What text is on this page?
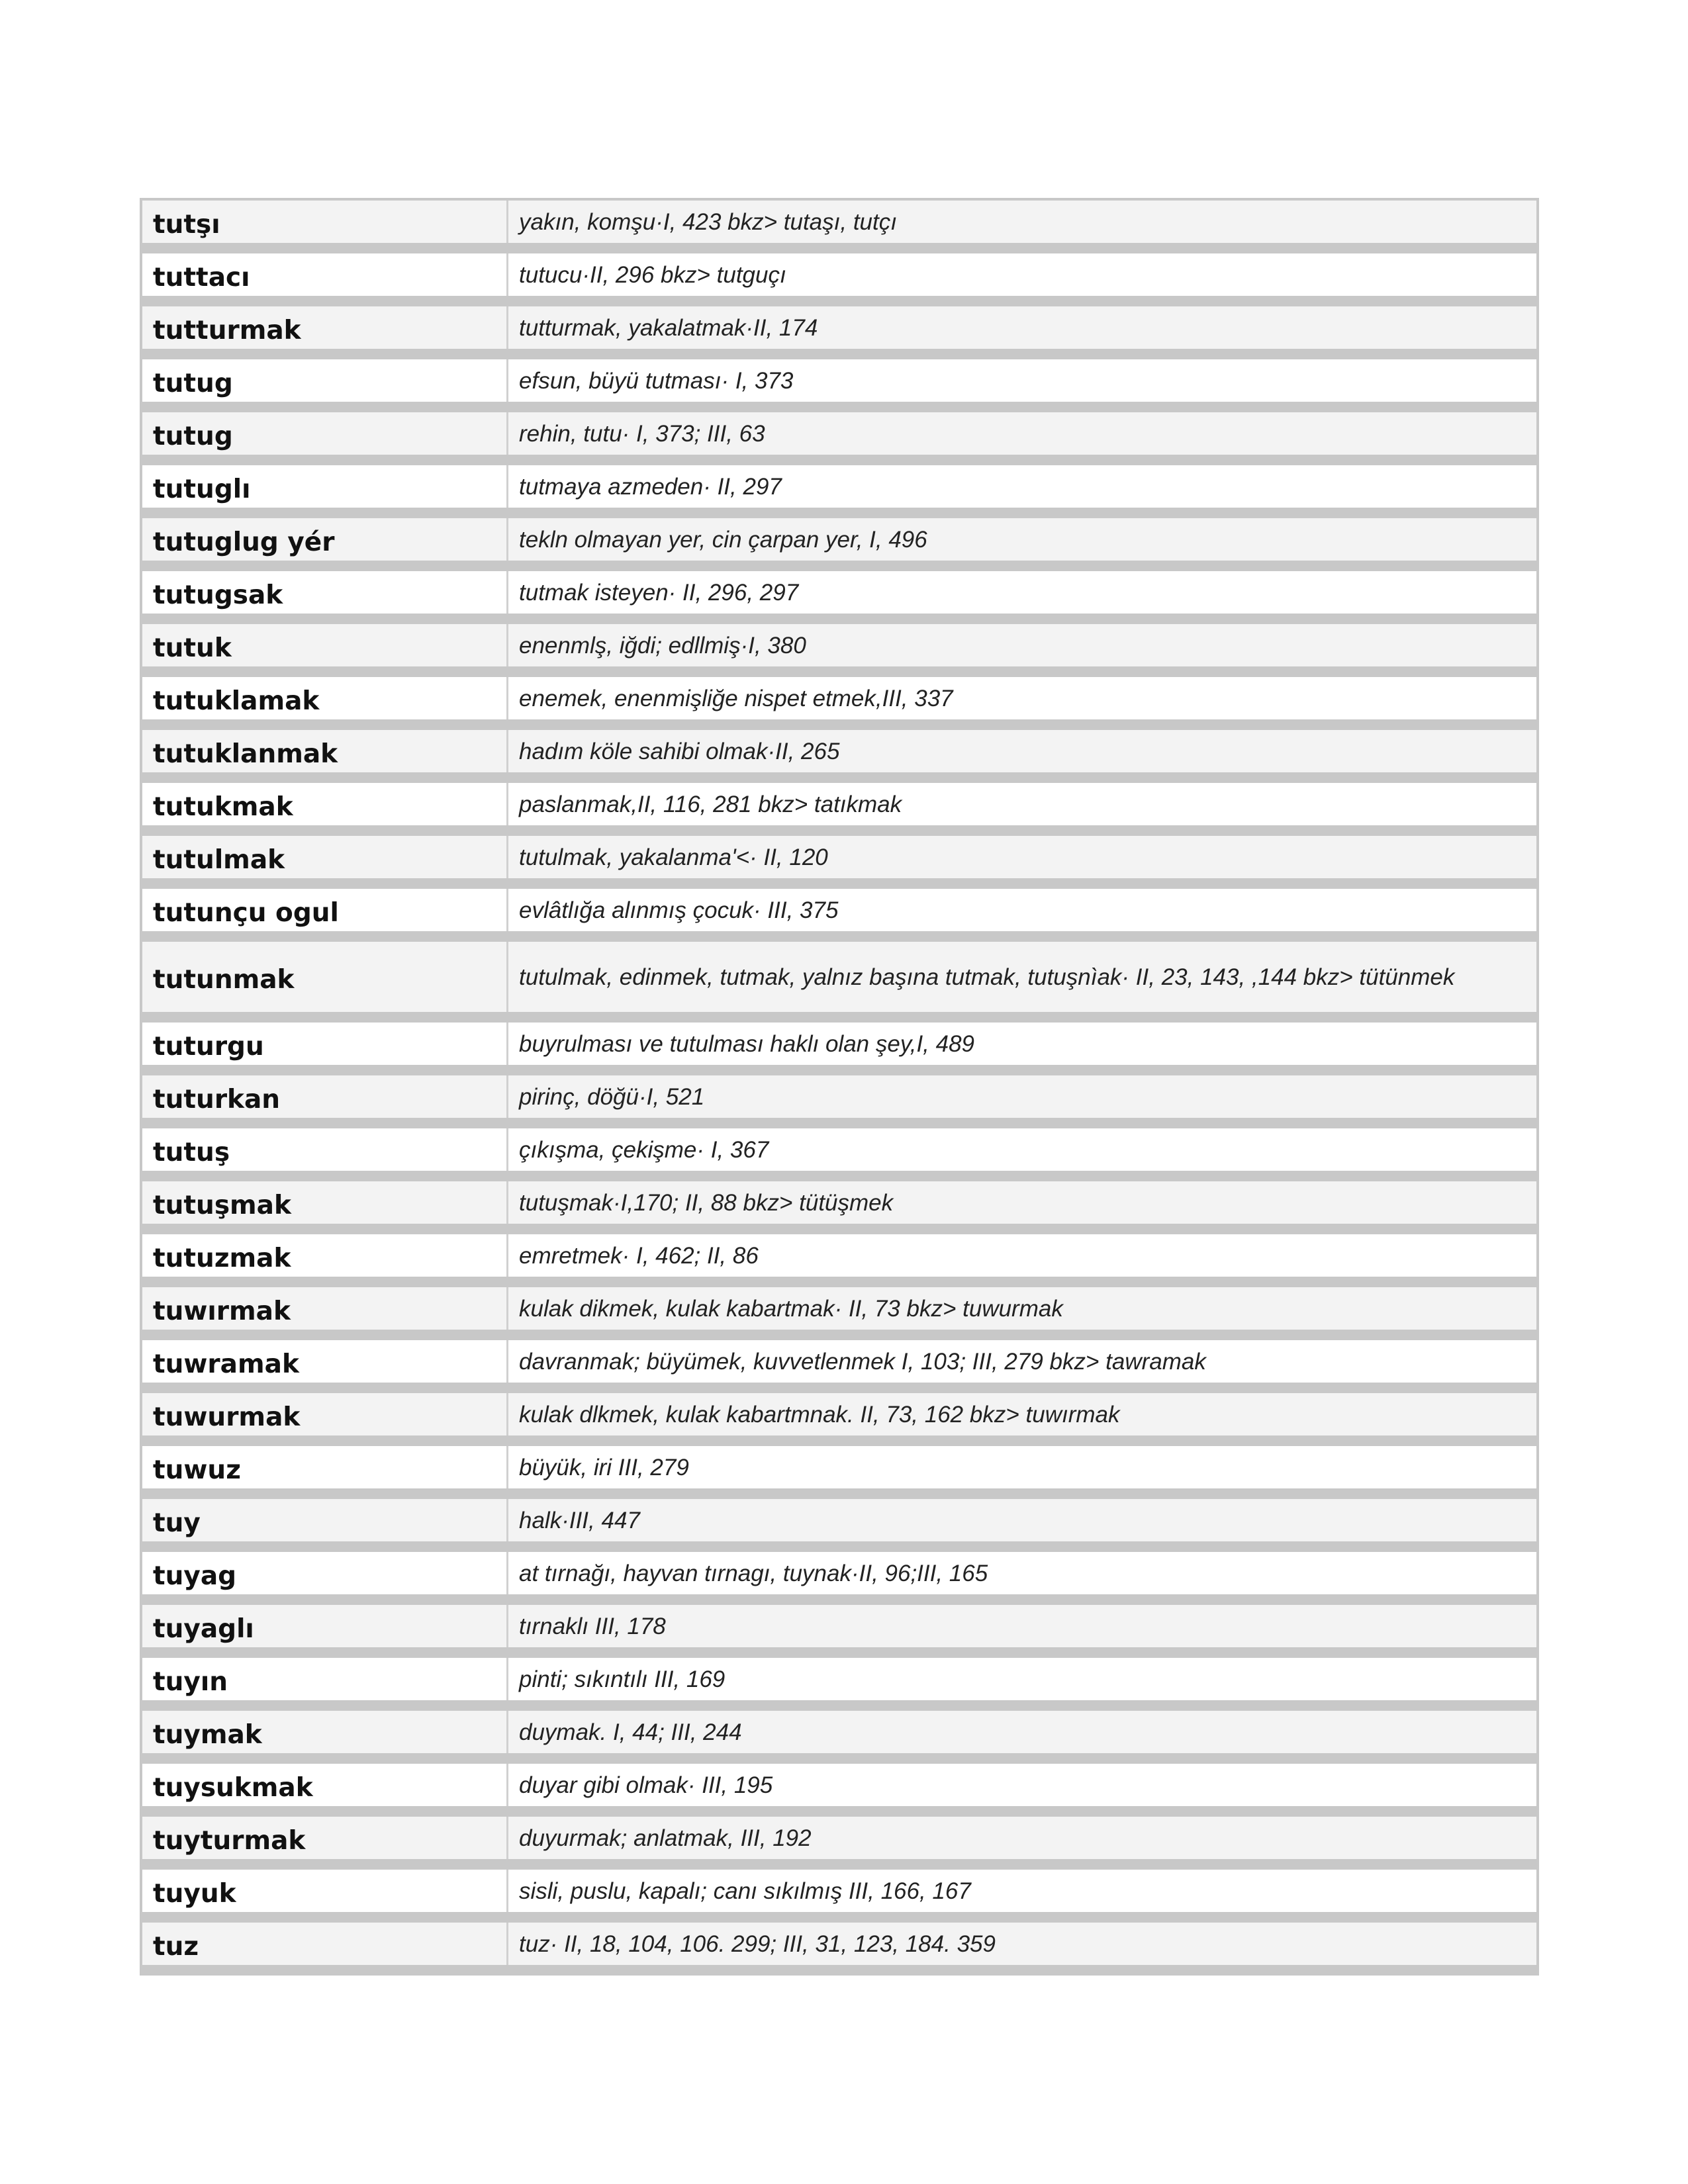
tutşı	yakın, komşu·I, 423 bkz> tutaşı, tutçı
tuttacı	tutucu·II, 296 bkz> tutguçı
tutturmak	tutturmak, yakalatmak·II, 174
tutug	efsun, büyü tutması· I, 373
tutug	rehin, tutu· I, 373; III, 63
tutuglı	tutmaya azmeden· II, 297
tutuglug yér	tekln olmayan yer, cin çarpan yer, I, 496
tutugsak	tutmak isteyen· II, 296, 297
tutuk	enenmlş, iğdi; edllmiş·I, 380
tutuklamak	enemek, enenmişliğe nispet etmek,III, 337
tutuklanmak	hadım köle sahibi olmak·II, 265
tutukmak	paslanmak,II, 116, 281 bkz> tatıkmak
tutulmak	tutulmak, yakalanma'<· II, 120
tutunçu ogul	evlâtlığa alınmış çocuk· III, 375
tutunmak	tutulmak, edinmek, tutmak, yalnız başına tutmak, tutuşnìak· II, 23, 143, ,144 bkz> tütünmek
tuturgu	buyrulması ve tutulması haklı olan şey,I, 489
tuturkan	pirinç, döğü·I, 521
tutuş	çıkışma, çekişme· I, 367
tutuşmak	tutuşmak·I,170; II, 88 bkz> tütüşmek
tutuzmak	emretmek· I, 462; II, 86
tuwırmak	kulak dikmek, kulak kabartmak· II, 73 bkz> tuwurmak
tuwramak	davranmak; büyümek, kuvvetlenmek I, 103; III, 279 bkz> tawramak
tuwurmak	kulak dlkmek, kulak kabartmnak. II, 73, 162 bkz> tuwırmak
tuwuz	büyük, iri III, 279
tuy	halk·III, 447
tuyag	at tırnağı, hayvan tırnagı, tuynak·II, 96;III, 165
tuyaglı	tırnaklı III, 178
tuyın	pinti; sıkıntılı III, 169
tuymak	duymak. I, 44; III, 244
tuysukmak	duyar gibi olmak· III, 195
tuyturmak	duyurmak; anlatmak, III, 192
tuyuk	sisli, puslu, kapalı; canı sıkılmış III, 166, 167
tuz	tuz· II, 18, 104, 106. 299; III, 31, 123, 184. 359
